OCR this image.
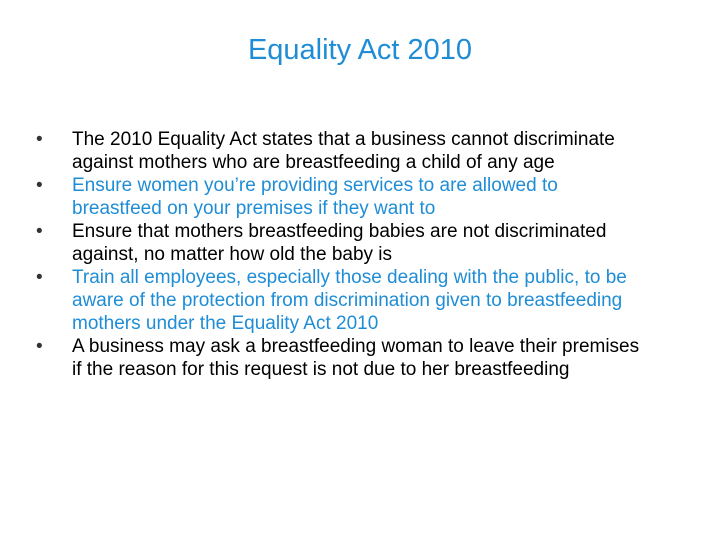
Equality Act 2010
•	The 2010 Equality Act states that a business cannot discriminate
against mothers who are breastfeeding a child of any age
•	Ensure women you’re providing services to are allowed to
breastfeed on your premises if they want to
•	Ensure that mothers breastfeeding babies are not discriminated
against, no matter how old the baby is
•	Train all employees, especially those dealing with the public, to be
aware of the protection from discrimination given to breastfeeding
mothers under the Equality Act 2010
•	A business may ask a breastfeeding woman to leave their premises
if the reason for this request is not due to her breastfeeding
